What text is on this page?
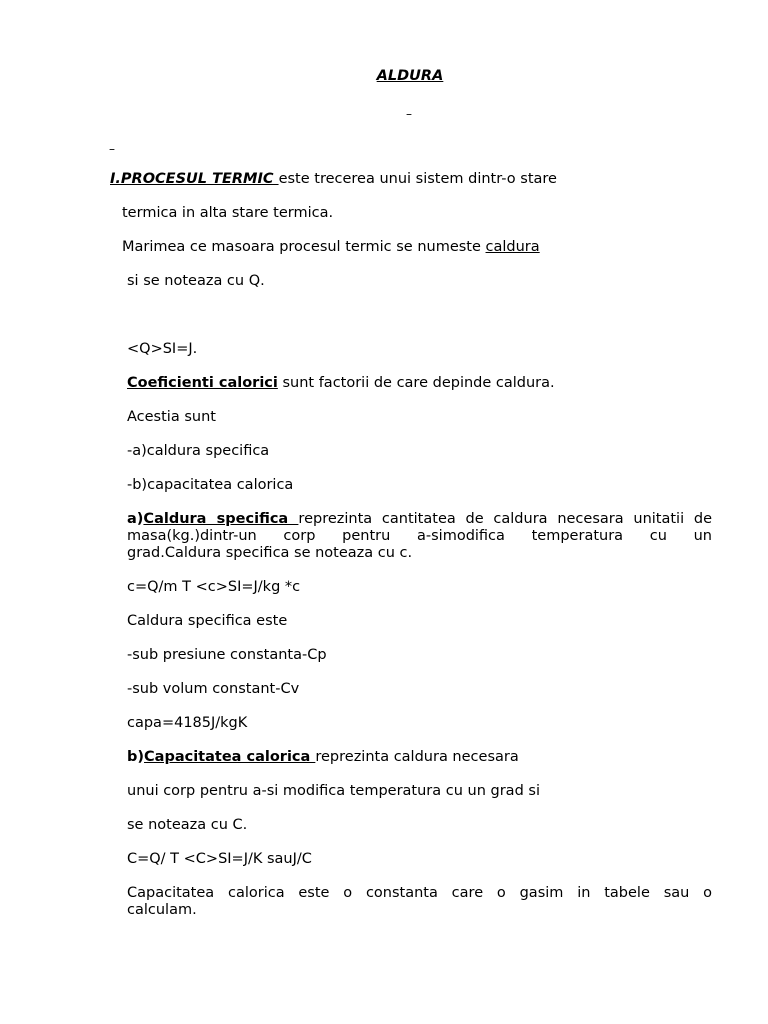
ALDURA
–
–
I.PROCESUL TERMIC este trecerea unui sistem dintr-o stare
termica in alta stare termica.
Marimea ce masoara procesul termic se numeste caldura
si se noteaza cu Q.
<Q>SI=J.
Coeficienti calorici sunt factorii de care depinde caldura.
Acestia sunt
-a)caldura specifica
-b)capacitatea calorica
a)Caldura specifica reprezinta cantitatea de caldura necesara unitatii de
masa(kg.)dintr-un corp pentru a-simodifica temperatura cu un
grad.Caldura specifica se noteaza cu c.
c=Q/m T <c>SI=J/kg *c
Caldura specifica este
-sub presiune constanta-Cp
-sub volum constant-Cv
capa=4185J/kgK
b)Capacitatea calorica reprezinta caldura necesara
unui corp pentru a-si modifica temperatura cu un grad si
se noteaza cu C.
C=Q/ T <C>SI=J/K sauJ/C
Capacitatea calorica este o constanta care o gasim in tabele sau o
calculam.
